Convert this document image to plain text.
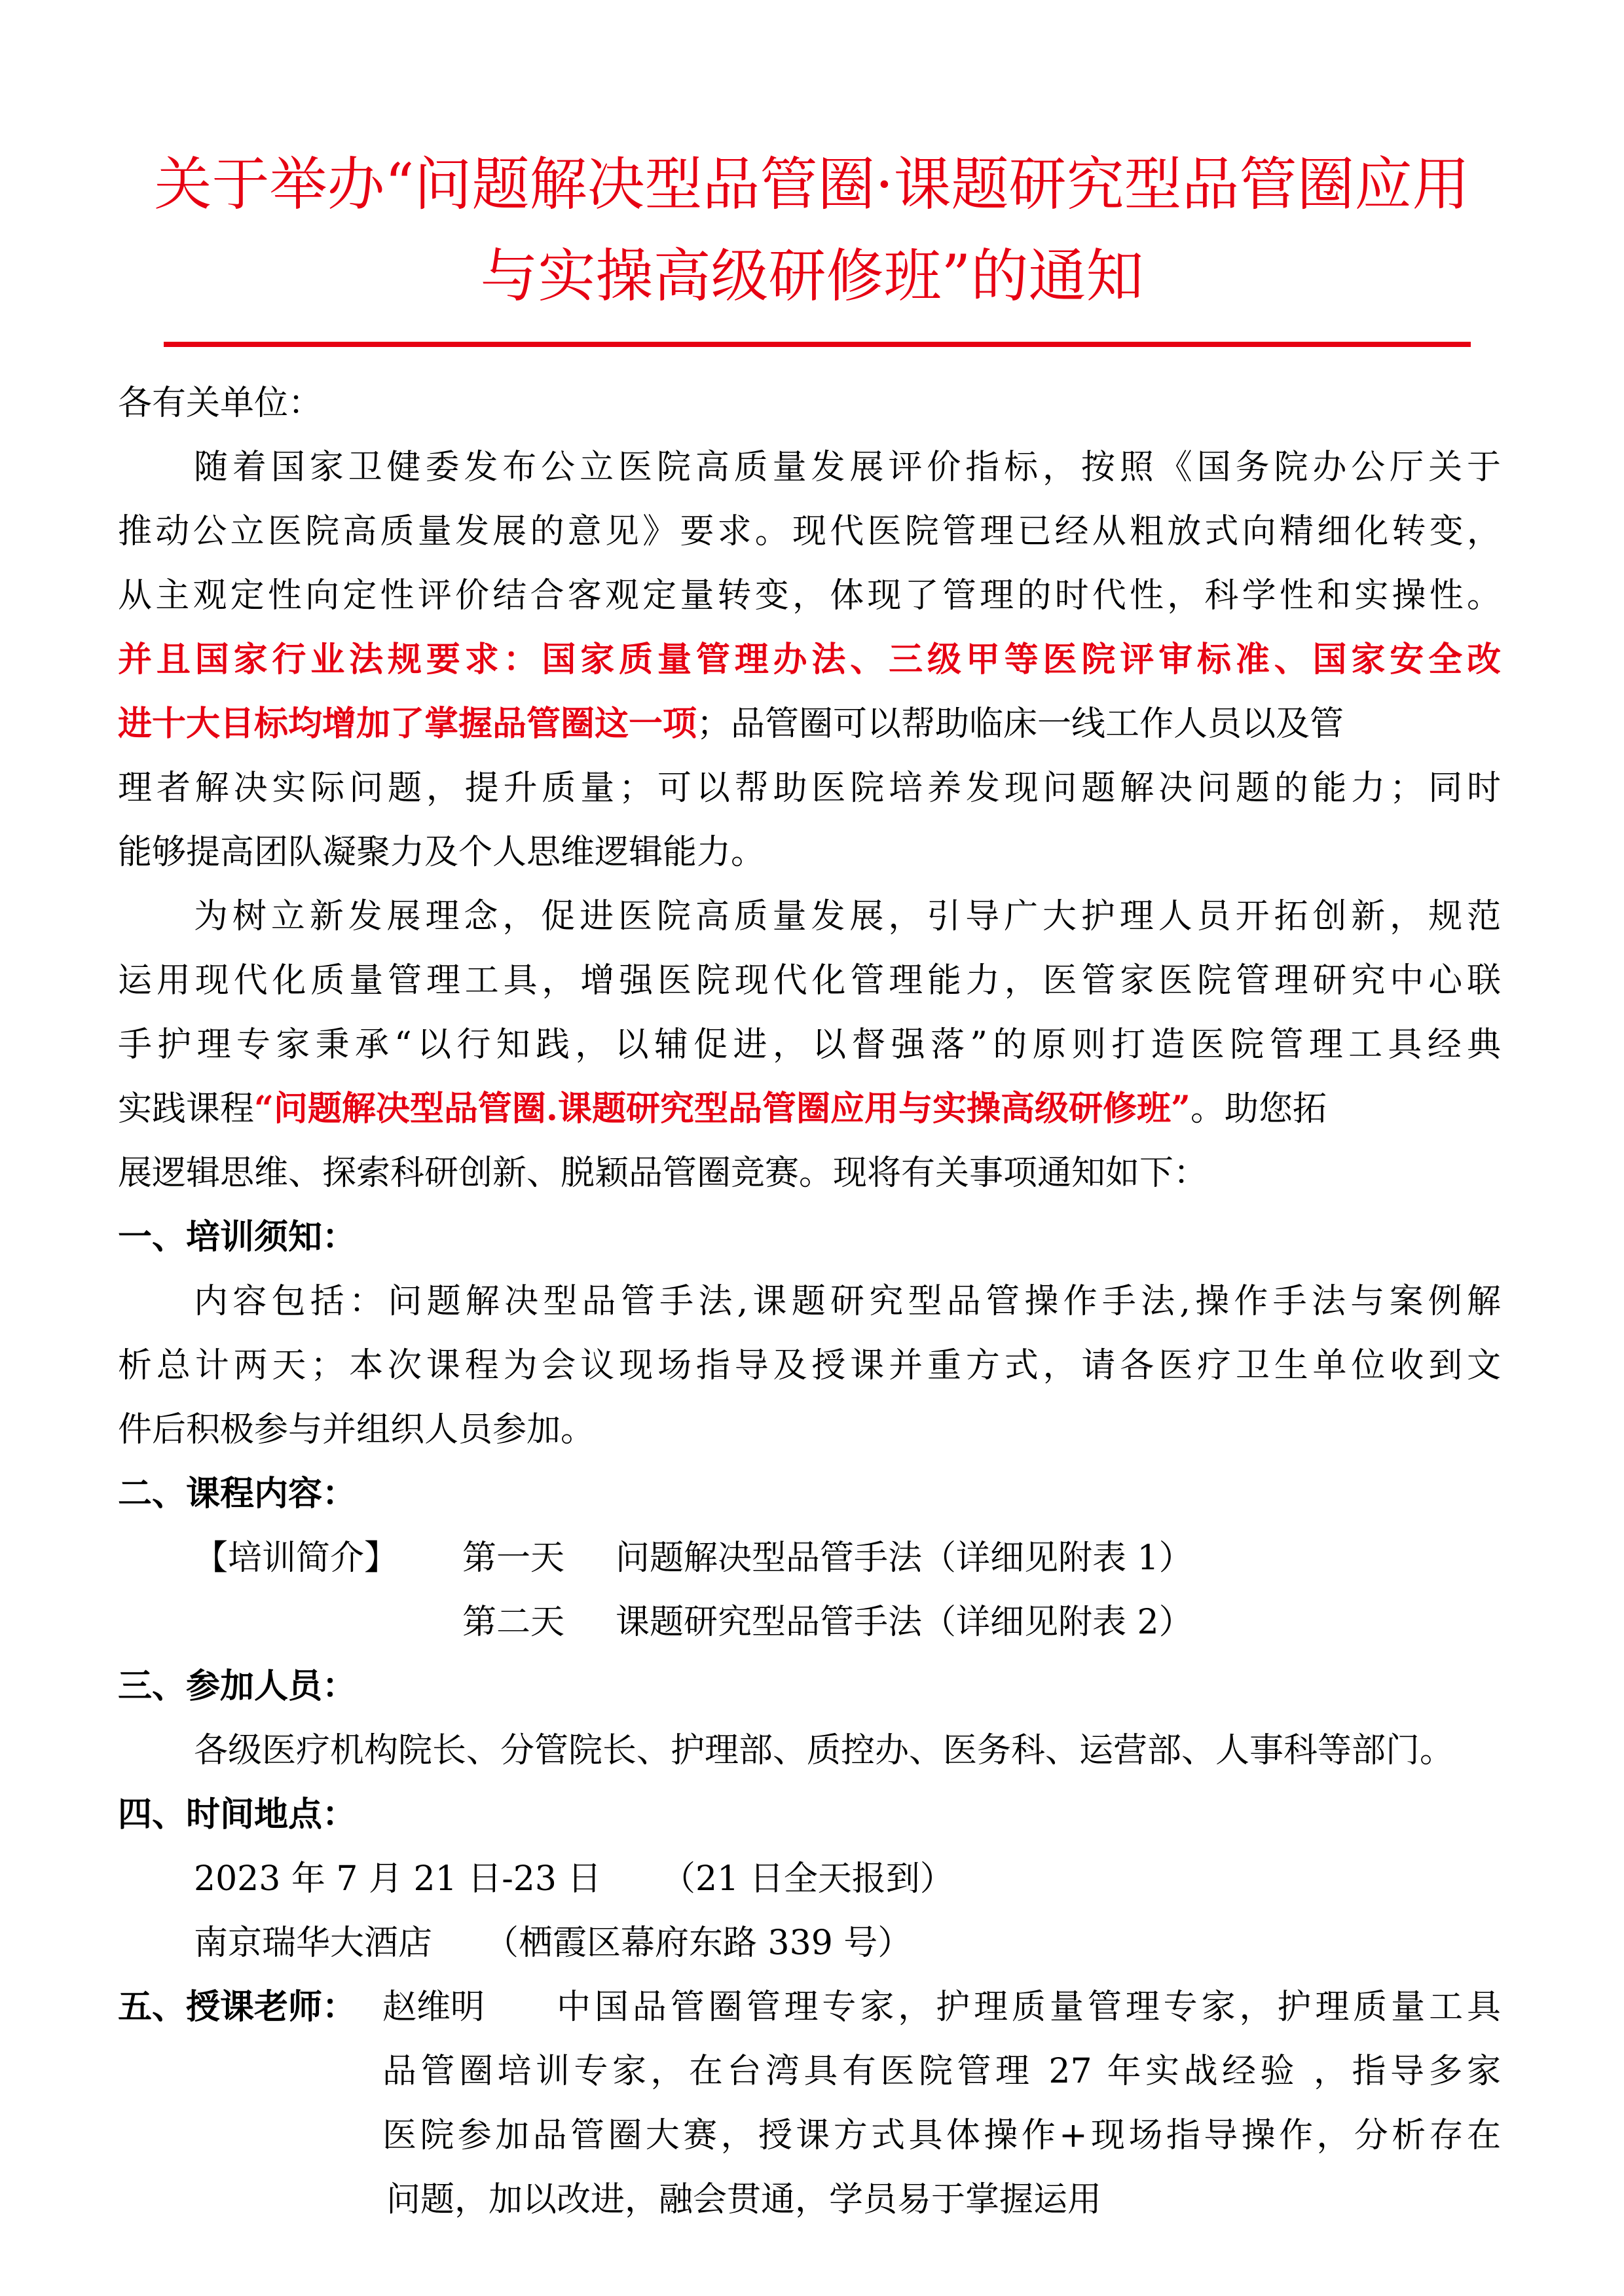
关于举办“问题解决型品管圈·课题研究型品管圈应用
与实操高级研修班”的通知
各有关单位：
随着国家卫健委发布公立医院高质量发展评价指标，按照《国务院办公厅关于
推动公立医院高质量发展的意见》要求。现代医院管理已经从粗放式向精细化转变，
从主观定性向定性评价结合客观定量转变，体现了管理的时代性，科学性和实操性。
并且国家行业法规要求：国家质量管理办法、三级甲等医院评审标准、国家安全改
进十大目标均增加了掌握品管圈这一项；品管圈可以帮助临床一线工作人员以及管
理者解决实际问题，提升质量；可以帮助医院培养发现问题解决问题的能力；同时
能够提高团队凝聚力及个人思维逻辑能力。
为树立新发展理念，促进医院高质量发展，引导广大护理人员开拓创新，规范
运用现代化质量管理工具，增强医院现代化管理能力，医管家医院管理研究中心联
手护理专家秉承“以行知践，以辅促进，以督强落”的原则打造医院管理工具经典
实践课程“问题解决型品管圈.课题研究型品管圈应用与实操高级研修班”。助您拓
展逻辑思维、探索科研创新、脱颖品管圈竞赛。现将有关事项通知如下：
一、培训须知：
内容包括：问题解决型品管手法,课题研究型品管操作手法,操作手法与案例解
析总计两天；本次课程为会议现场指导及授课并重方式，请各医疗卫生单位收到文
件后积极参与并组织人员参加。
二、课程内容：
【培训简介】 第一天 问题解决型品管手法（详细见附表 1）
第二天 课题研究型品管手法（详细见附表 2）
三、参加人员：
各级医疗机构院长、分管院长、护理部、质控办、医务科、运营部、人事科等部门。
四、时间地点：
2023 年 7 月 21 日-23 日 （21 日全天报到）
南京瑞华大酒店 （栖霞区幕府东路 339 号）
五、授课老师： 赵维明 中国品管圈管理专家，护理质量管理专家，护理质量工具
品管圈培训专家，在台湾具有医院管理 27 年实战经验 ，指导多家
医院参加品管圈大赛，授课方式具体操作+现场指导操作，分析存在
问题，加以改进，融会贯通，学员易于掌握运用
